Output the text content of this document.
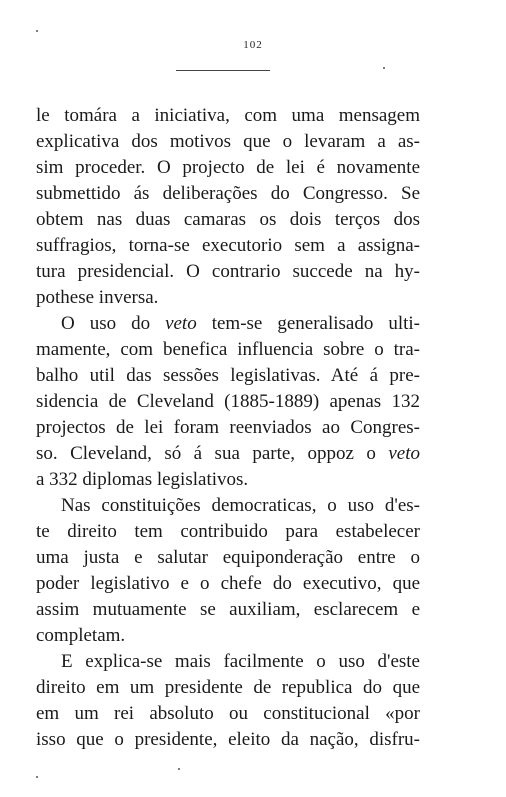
102
le tomára a iniciativa, com uma mensagem
explicativa dos motivos que o levaram a as-
sim proceder. O projecto de lei é novamente
submettido ás deliberações do Congresso. Se
obtem nas duas camaras os dois terços dos
suffragios, torna-se executorio sem a assigna-
tura presidencial. O contrario succede na hy-
pothese inversa.
O uso do veto tem-se generalisado ulti-
mamente, com benefica influencia sobre o tra-
balho util das sessões legislativas. Até á pre-
sidencia de Cleveland (1885-1889) apenas 132
projectos de lei foram reenviados ao Congres-
so. Cleveland, só á sua parte, oppoz o veto
a 332 diplomas legislativos.
Nas constituições democraticas, o uso d'es-
te direito tem contribuido para estabelecer
uma justa e salutar equiponderação entre o
poder legislativo e o chefe do executivo, que
assim mutuamente se auxiliam, esclarecem e
completam.
E explica-se mais facilmente o uso d'este
direito em um presidente de republica do que
em um rei absoluto ou constitucional «por
isso que o presidente, eleito da nação, disfru-
